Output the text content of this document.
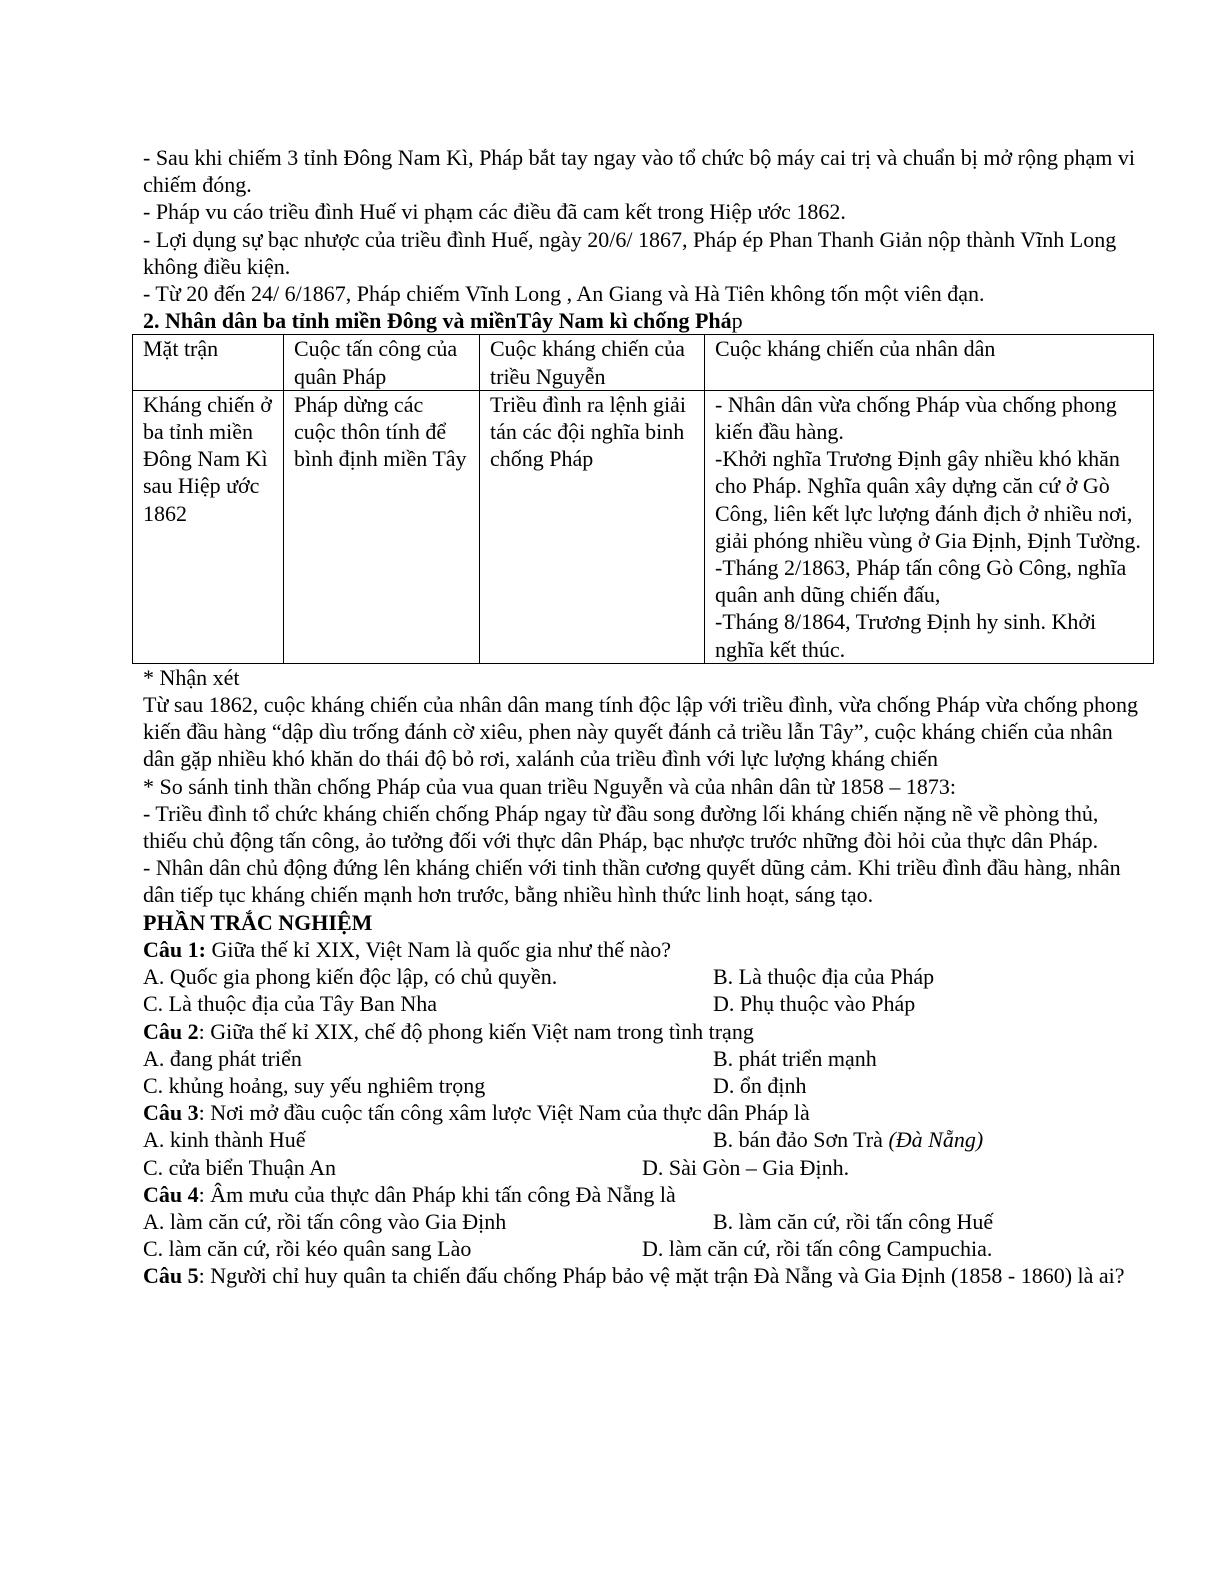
- Sau khi chiếm 3 tỉnh Đông Nam Kì, Pháp bắt tay ngay vào tổ chức bộ máy cai trị và chuẩn bị mở rộng phạm vi chiếm đóng.

- Pháp vu cáo triều đình Huế vi phạm các điều đã cam kết trong Hiệp ước 1862.

- Lợi dụng sự bạc nhược của triều đình Huế, ngày 20/6/ 1867, Pháp ép Phan Thanh Giản nộp thành Vĩnh Long không điều kiện.

- Từ 20 đến 24/ 6/1867, Pháp chiếm Vĩnh Long , An Giang và Hà Tiên không tốn một viên đạn.

2. Nhân dân ba tỉnh miền Đông và miềnTây Nam kì chống Pháp

Mặt trận	Cuộc tấn công của quân Pháp	Cuộc kháng chiến của triều Nguyễn	Cuộc kháng chiến của nhân dân
Kháng chiến ở ba tỉnh miền Đông Nam Kì sau Hiệp ước 1862	Pháp dừng các cuộc thôn tính để bình định miền Tây	Triều đình ra lệnh giải tán các đội nghĩa binh chống Pháp	- Nhân dân vừa chống Pháp vùa chống phong kiến đầu hàng.
-Khởi nghĩa Trương Định gây nhiều khó khăn cho Pháp. Nghĩa quân xây dựng căn cứ ở Gò Công, liên kết lực lượng đánh địch ở nhiều nơi, giải phóng nhiều vùng ở Gia Định, Định Tường.
-Tháng 2/1863, Pháp tấn công Gò Công, nghĩa quân anh dũng chiến đấu,
-Tháng 8/1864, Trương Định hy sinh. Khởi nghĩa kết thúc.

* Nhận xét

Từ sau 1862, cuộc kháng chiến của nhân dân mang tính độc lập với triều đình, vừa chống Pháp vừa chống phong kiến đầu hàng “dập dìu trống đánh cờ xiêu, phen này quyết đánh cả triều lẫn Tây”, cuộc kháng chiến của nhân dân gặp nhiều khó khăn do thái độ bỏ rơi, xalánh của triều đình với lực lượng kháng chiến

* So sánh tinh thần chống Pháp của vua quan triều Nguyễn và của nhân dân từ 1858 – 1873:

- Triều đình tổ chức kháng chiến chống Pháp ngay từ đầu song đường lối kháng chiến nặng nề về phòng thủ, thiếu chủ động tấn công, ảo tưởng đối với thực dân Pháp, bạc nhược trước những đòi hỏi của thực dân Pháp.

- Nhân dân chủ động đứng lên kháng chiến với tinh thần cương quyết dũng cảm. Khi triều đình đầu hàng, nhân dân tiếp tục kháng chiến mạnh hơn trước, bằng nhiều hình thức linh hoạt, sáng tạo.

PHẦN TRẮC NGHIỆM

Câu 1: Giữa thế kỉ XIX, Việt Nam là quốc gia như thế nào?

A. Quốc gia phong kiến độc lập, có chủ quyền.	B. Là thuộc địa của Pháp
C. Là thuộc địa của Tây Ban Nha	D. Phụ thuộc vào Pháp

Câu 2: Giữa thế kỉ XIX, chế độ phong kiến Việt nam trong tình trạng

A. đang phát triển	B. phát triển mạnh
C. khủng hoảng, suy yếu nghiêm trọng	D. ổn định

Câu 3: Nơi mở đầu cuộc tấn công xâm lược Việt Nam của thực dân Pháp là

A. kinh thành Huế	B. bán đảo Sơn Trà (Đà Nẵng)
C. cửa biển Thuận An	D. Sài Gòn – Gia Định.

Câu 4: Âm mưu của thực dân Pháp khi tấn công Đà Nẵng là

A. làm căn cứ, rồi tấn công vào Gia Định	B. làm căn cứ, rồi tấn công Huế
C. làm căn cứ, rồi kéo quân sang Lào	D. làm căn cứ, rồi tấn công Campuchia.

Câu 5: Người chỉ huy quân ta chiến đấu chống Pháp bảo vệ mặt trận Đà Nẵng và Gia Định (1858 - 1860) là ai?
